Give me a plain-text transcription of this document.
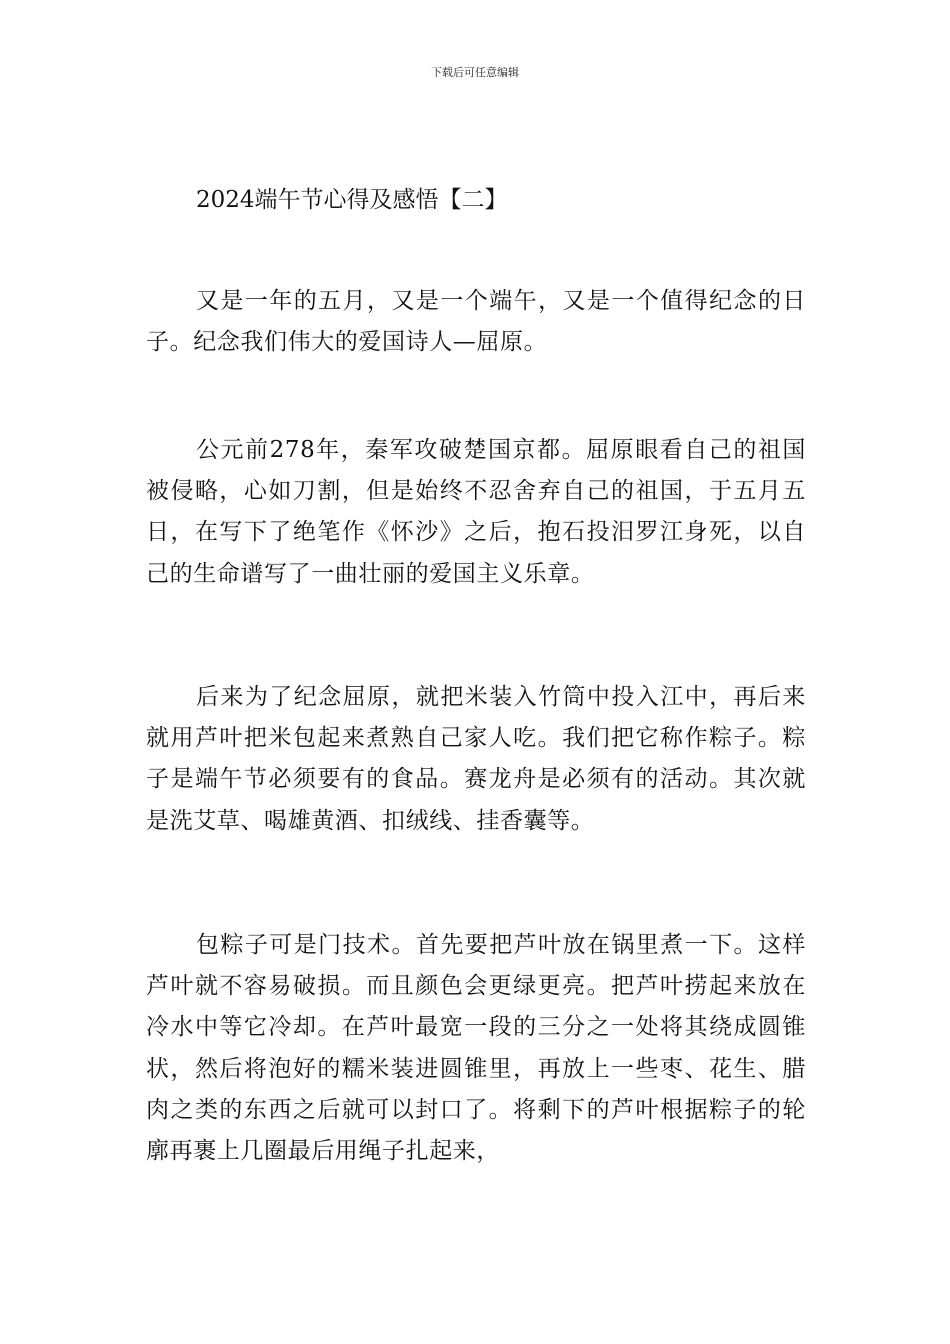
下载后可任意编辑
2024端午节心得及感悟【二】

又是一年的五月，又是一个端午，又是一个值得纪念的日子。纪念我们伟大的爱国诗人—屈原。

公元前278年，秦军攻破楚国京都。屈原眼看自己的祖国被侵略，心如刀割，但是始终不忍舍弃自己的祖国，于五月五日，在写下了绝笔作《怀沙》之后，抱石投汨罗江身死，以自己的生命谱写了一曲壮丽的爱国主义乐章。

后来为了纪念屈原，就把米装入竹筒中投入江中，再后来就用芦叶把米包起来煮熟自己家人吃。我们把它称作粽子。粽子是端午节必须要有的食品。赛龙舟是必须有的活动。其次就是洗艾草、喝雄黄酒、扣绒线、挂香囊等。

包粽子可是门技术。首先要把芦叶放在锅里煮一下。这样芦叶就不容易破损。而且颜色会更绿更亮。把芦叶捞起来放在冷水中等它冷却。在芦叶最宽一段的三分之一处将其绕成圆锥状，然后将泡好的糯米装进圆锥里，再放上一些枣、花生、腊肉之类的东西之后就可以封口了。将剩下的芦叶根据粽子的轮廓再裹上几圈最后用绳子扎起来，
